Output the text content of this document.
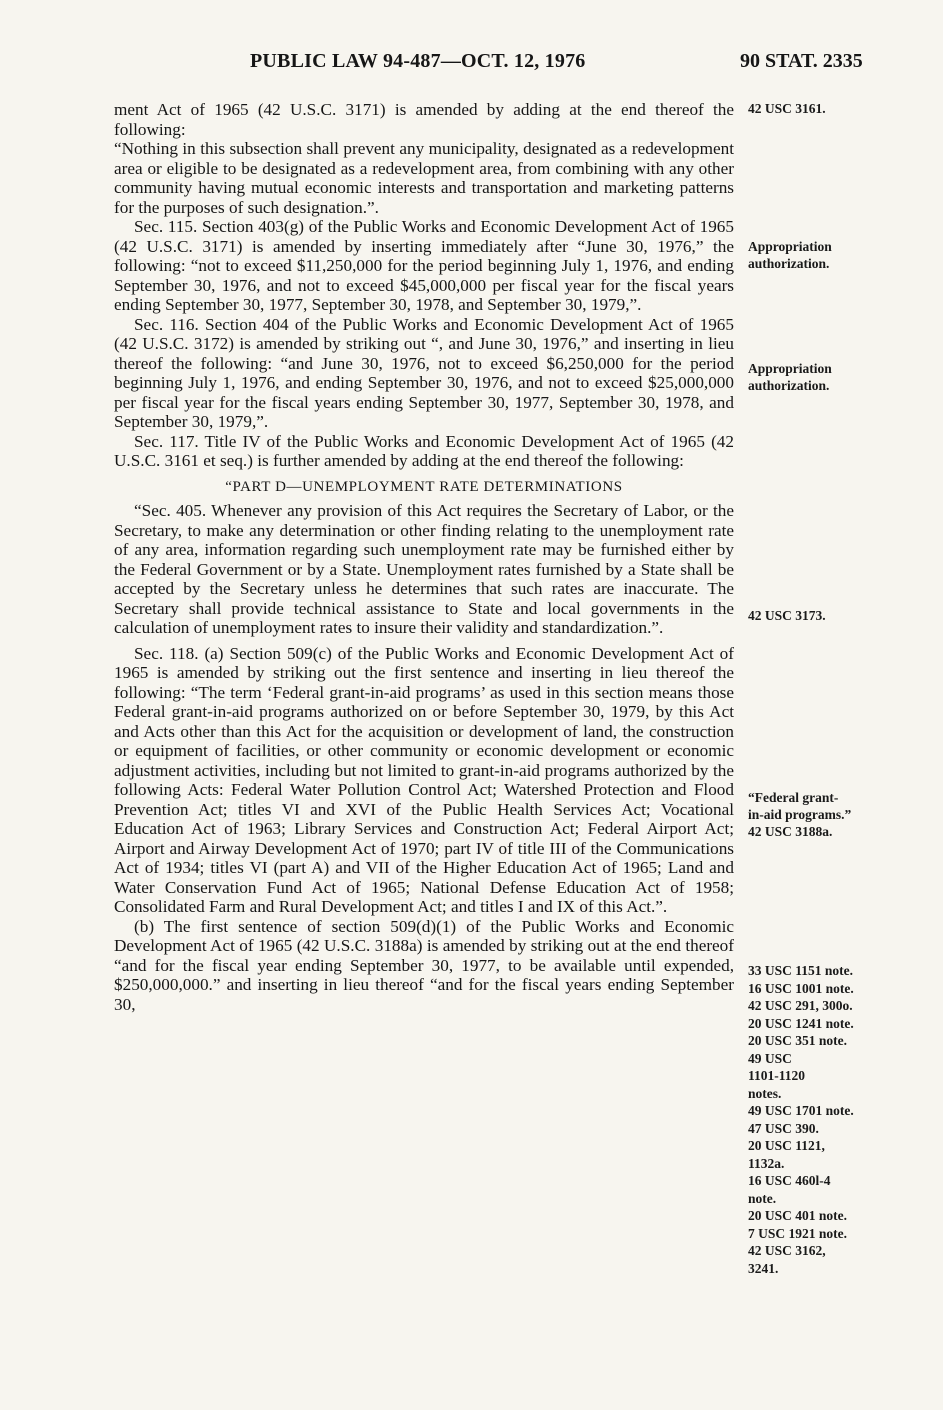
PUBLIC LAW 94-487—OCT. 12, 1976	90 STAT. 2335

ment Act of 1965 (42 U.S.C. 3171) is amended by adding at the end thereof the following:

“Nothing in this subsection shall prevent any municipality, designated as a redevelopment area or eligible to be designated as a redevelopment area, from combining with any other community having mutual economic interests and transportation and marketing patterns for the purposes of such designation.”.

Sec. 115. Section 403(g) of the Public Works and Economic Development Act of 1965 (42 U.S.C. 3171) is amended by inserting immediately after “June 30, 1976,” the following: “not to exceed $11,250,000 for the period beginning July 1, 1976, and ending September 30, 1976, and not to exceed $45,000,000 per fiscal year for the fiscal years ending September 30, 1977, September 30, 1978, and September 30, 1979,”.

Sec. 116. Section 404 of the Public Works and Economic Development Act of 1965 (42 U.S.C. 3172) is amended by striking out “, and June 30, 1976,” and inserting in lieu thereof the following: “and June 30, 1976, not to exceed $6,250,000 for the period beginning July 1, 1976, and ending September 30, 1976, and not to exceed $25,000,000 per fiscal year for the fiscal years ending September 30, 1977, September 30, 1978, and September 30, 1979,”.

Sec. 117. Title IV of the Public Works and Economic Development Act of 1965 (42 U.S.C. 3161 et seq.) is further amended by adding at the end thereof the following:

“PART D—UNEMPLOYMENT RATE DETERMINATIONS

“Sec. 405. Whenever any provision of this Act requires the Secretary of Labor, or the Secretary, to make any determination or other finding relating to the unemployment rate of any area, information regarding such unemployment rate may be furnished either by the Federal Government or by a State. Unemployment rates furnished by a State shall be accepted by the Secretary unless he determines that such rates are inaccurate. The Secretary shall provide technical assistance to State and local governments in the calculation of unemployment rates to insure their validity and standardization.”.

Sec. 118. (a) Section 509(c) of the Public Works and Economic Development Act of 1965 is amended by striking out the first sentence and inserting in lieu thereof the following: “The term ‘Federal grant-in-aid programs’ as used in this section means those Federal grant-in-aid programs authorized on or before September 30, 1979, by this Act and Acts other than this Act for the acquisition or development of land, the construction or equipment of facilities, or other community or economic development or economic adjustment activities, including but not limited to grant-in-aid programs authorized by the following Acts: Federal Water Pollution Control Act; Watershed Protection and Flood Prevention Act; titles VI and XVI of the Public Health Services Act; Vocational Education Act of 1963; Library Services and Construction Act; Federal Airport Act; Airport and Airway Development Act of 1970; part IV of title III of the Communications Act of 1934; titles VI (part A) and VII of the Higher Education Act of 1965; Land and Water Conservation Fund Act of 1965; National Defense Education Act of 1958; Consolidated Farm and Rural Development Act; and titles I and IX of this Act.”.

(b) The first sentence of section 509(d)(1) of the Public Works and Economic Development Act of 1965 (42 U.S.C. 3188a) is amended by striking out at the end thereof “and for the fiscal year ending September 30, 1977, to be available until expended, $250,000,000.” and inserting in lieu thereof “and for the fiscal years ending September 30,

42 USC 3161.
Appropriation
authorization.
Appropriation
authorization.
42 USC 3173.
“Federal grant-
in-aid programs.”
42 USC 3188a.
33 USC 1151 note.
16 USC 1001 note.
42 USC 291, 300o.
20 USC 1241 note.
20 USC 351 note.
49 USC
1101-1120
notes.
49 USC 1701 note.
47 USC 390.
20 USC 1121,
1132a.
16 USC 460l-4
note.
20 USC 401 note.
7 USC 1921 note.
42 USC 3162,
3241.
